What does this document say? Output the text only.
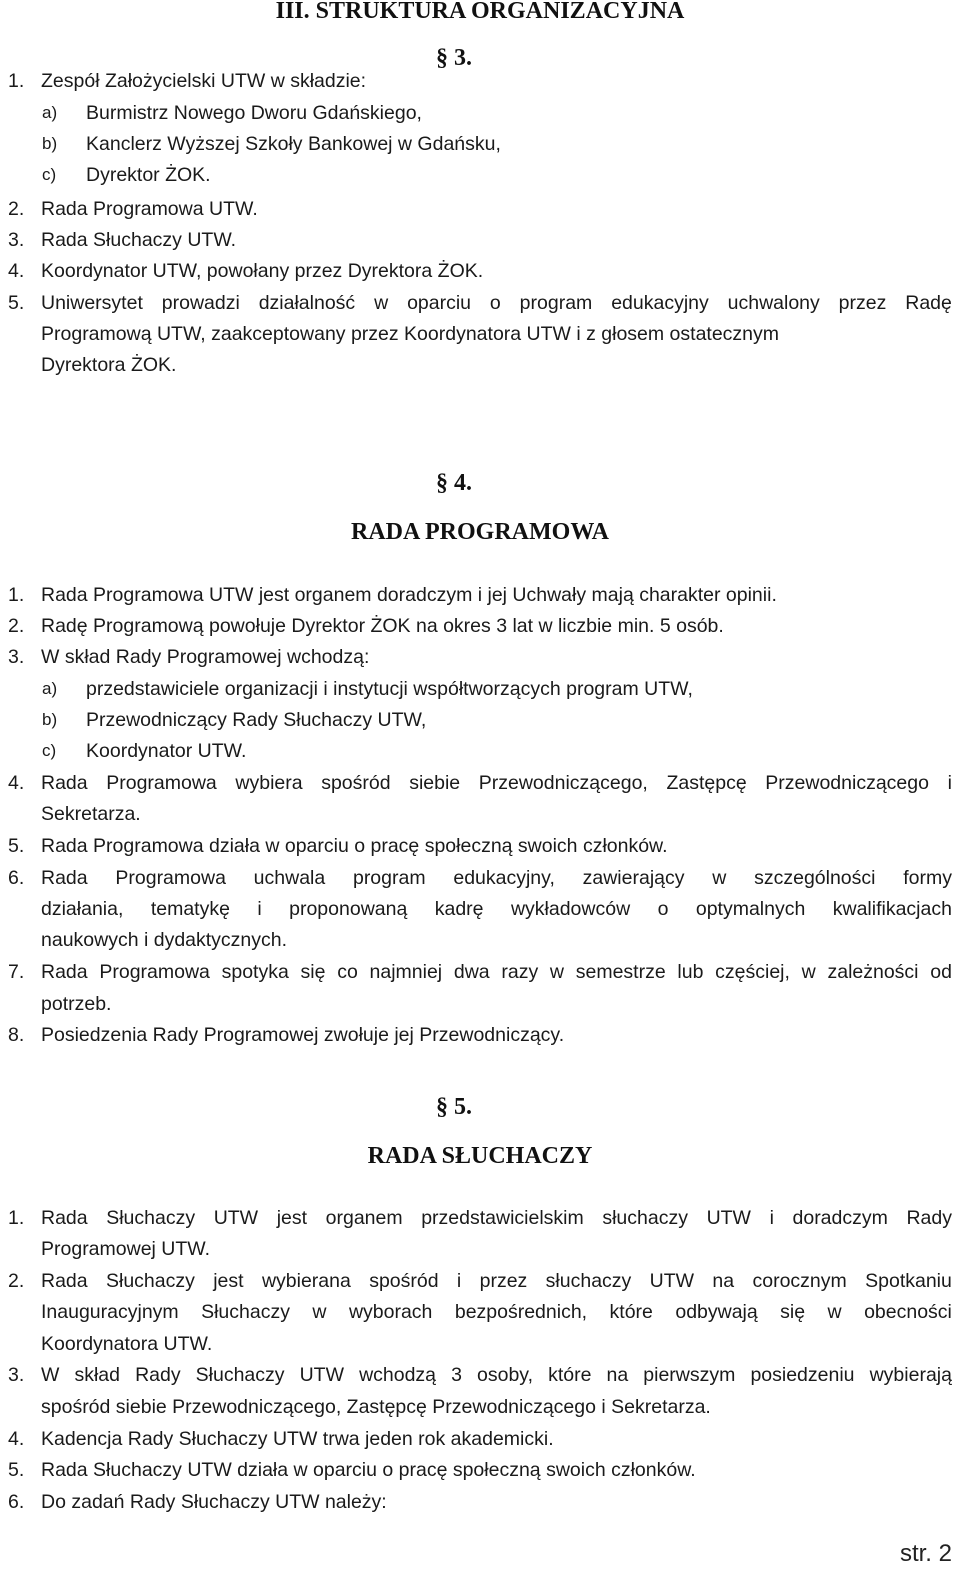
III. STRUKTURA ORGANIZACYJNA
§ 3.
1. Zespół Założycielski UTW w składzie:
a) Burmistrz Nowego Dworu Gdańskiego,
b) Kanclerz Wyższej Szkoły Bankowej w Gdańsku,
c) Dyrektor ŻOK.
2. Rada Programowa UTW.
3. Rada Słuchaczy UTW.
4. Koordynator UTW, powołany przez Dyrektora ŻOK.
5. Uniwersytet prowadzi działalność w oparciu o program edukacyjny uchwalony przez Radę
Programową UTW, zaakceptowany przez Koordynatora UTW i z głosem ostatecznym
Dyrektora ŻOK.
§ 4.
RADA PROGRAMOWA
1. Rada Programowa UTW jest organem doradczym i jej Uchwały mają charakter opinii.
2. Radę Programową powołuje Dyrektor ŻOK na okres 3 lat w liczbie min. 5 osób.
3. W skład Rady Programowej wchodzą:
a) przedstawiciele organizacji i instytucji współtworzących program UTW,
b) Przewodniczący Rady Słuchaczy UTW,
c) Koordynator UTW.
4. Rada Programowa wybiera spośród siebie Przewodniczącego, Zastępcę Przewodniczącego i
Sekretarza.
5. Rada Programowa działa w oparciu o pracę społeczną swoich członków.
6. Rada Programowa uchwala program edukacyjny, zawierający w szczególności formy
działania, tematykę i proponowaną kadrę wykładowców o optymalnych kwalifikacjach
naukowych i dydaktycznych.
7. Rada Programowa spotyka się co najmniej dwa razy w semestrze lub częściej, w zależności od
potrzeb.
8. Posiedzenia Rady Programowej zwołuje jej Przewodniczący.
§ 5.
RADA SŁUCHACZY
1. Rada Słuchaczy UTW jest organem przedstawicielskim słuchaczy UTW i doradczym Rady
Programowej UTW.
2. Rada Słuchaczy jest wybierana spośród i przez słuchaczy UTW na corocznym Spotkaniu
Inauguracyjnym Słuchaczy w wyborach bezpośrednich, które odbywają się w obecności
Koordynatora UTW.
3. W skład Rady Słuchaczy UTW wchodzą 3 osoby, które na pierwszym posiedzeniu wybierają
spośród siebie Przewodniczącego, Zastępcę Przewodniczącego i Sekretarza.
4. Kadencja Rady Słuchaczy UTW trwa jeden rok akademicki.
5. Rada Słuchaczy UTW działa w oparciu o pracę społeczną swoich członków.
6. Do zadań Rady Słuchaczy UTW należy:
str. 2
